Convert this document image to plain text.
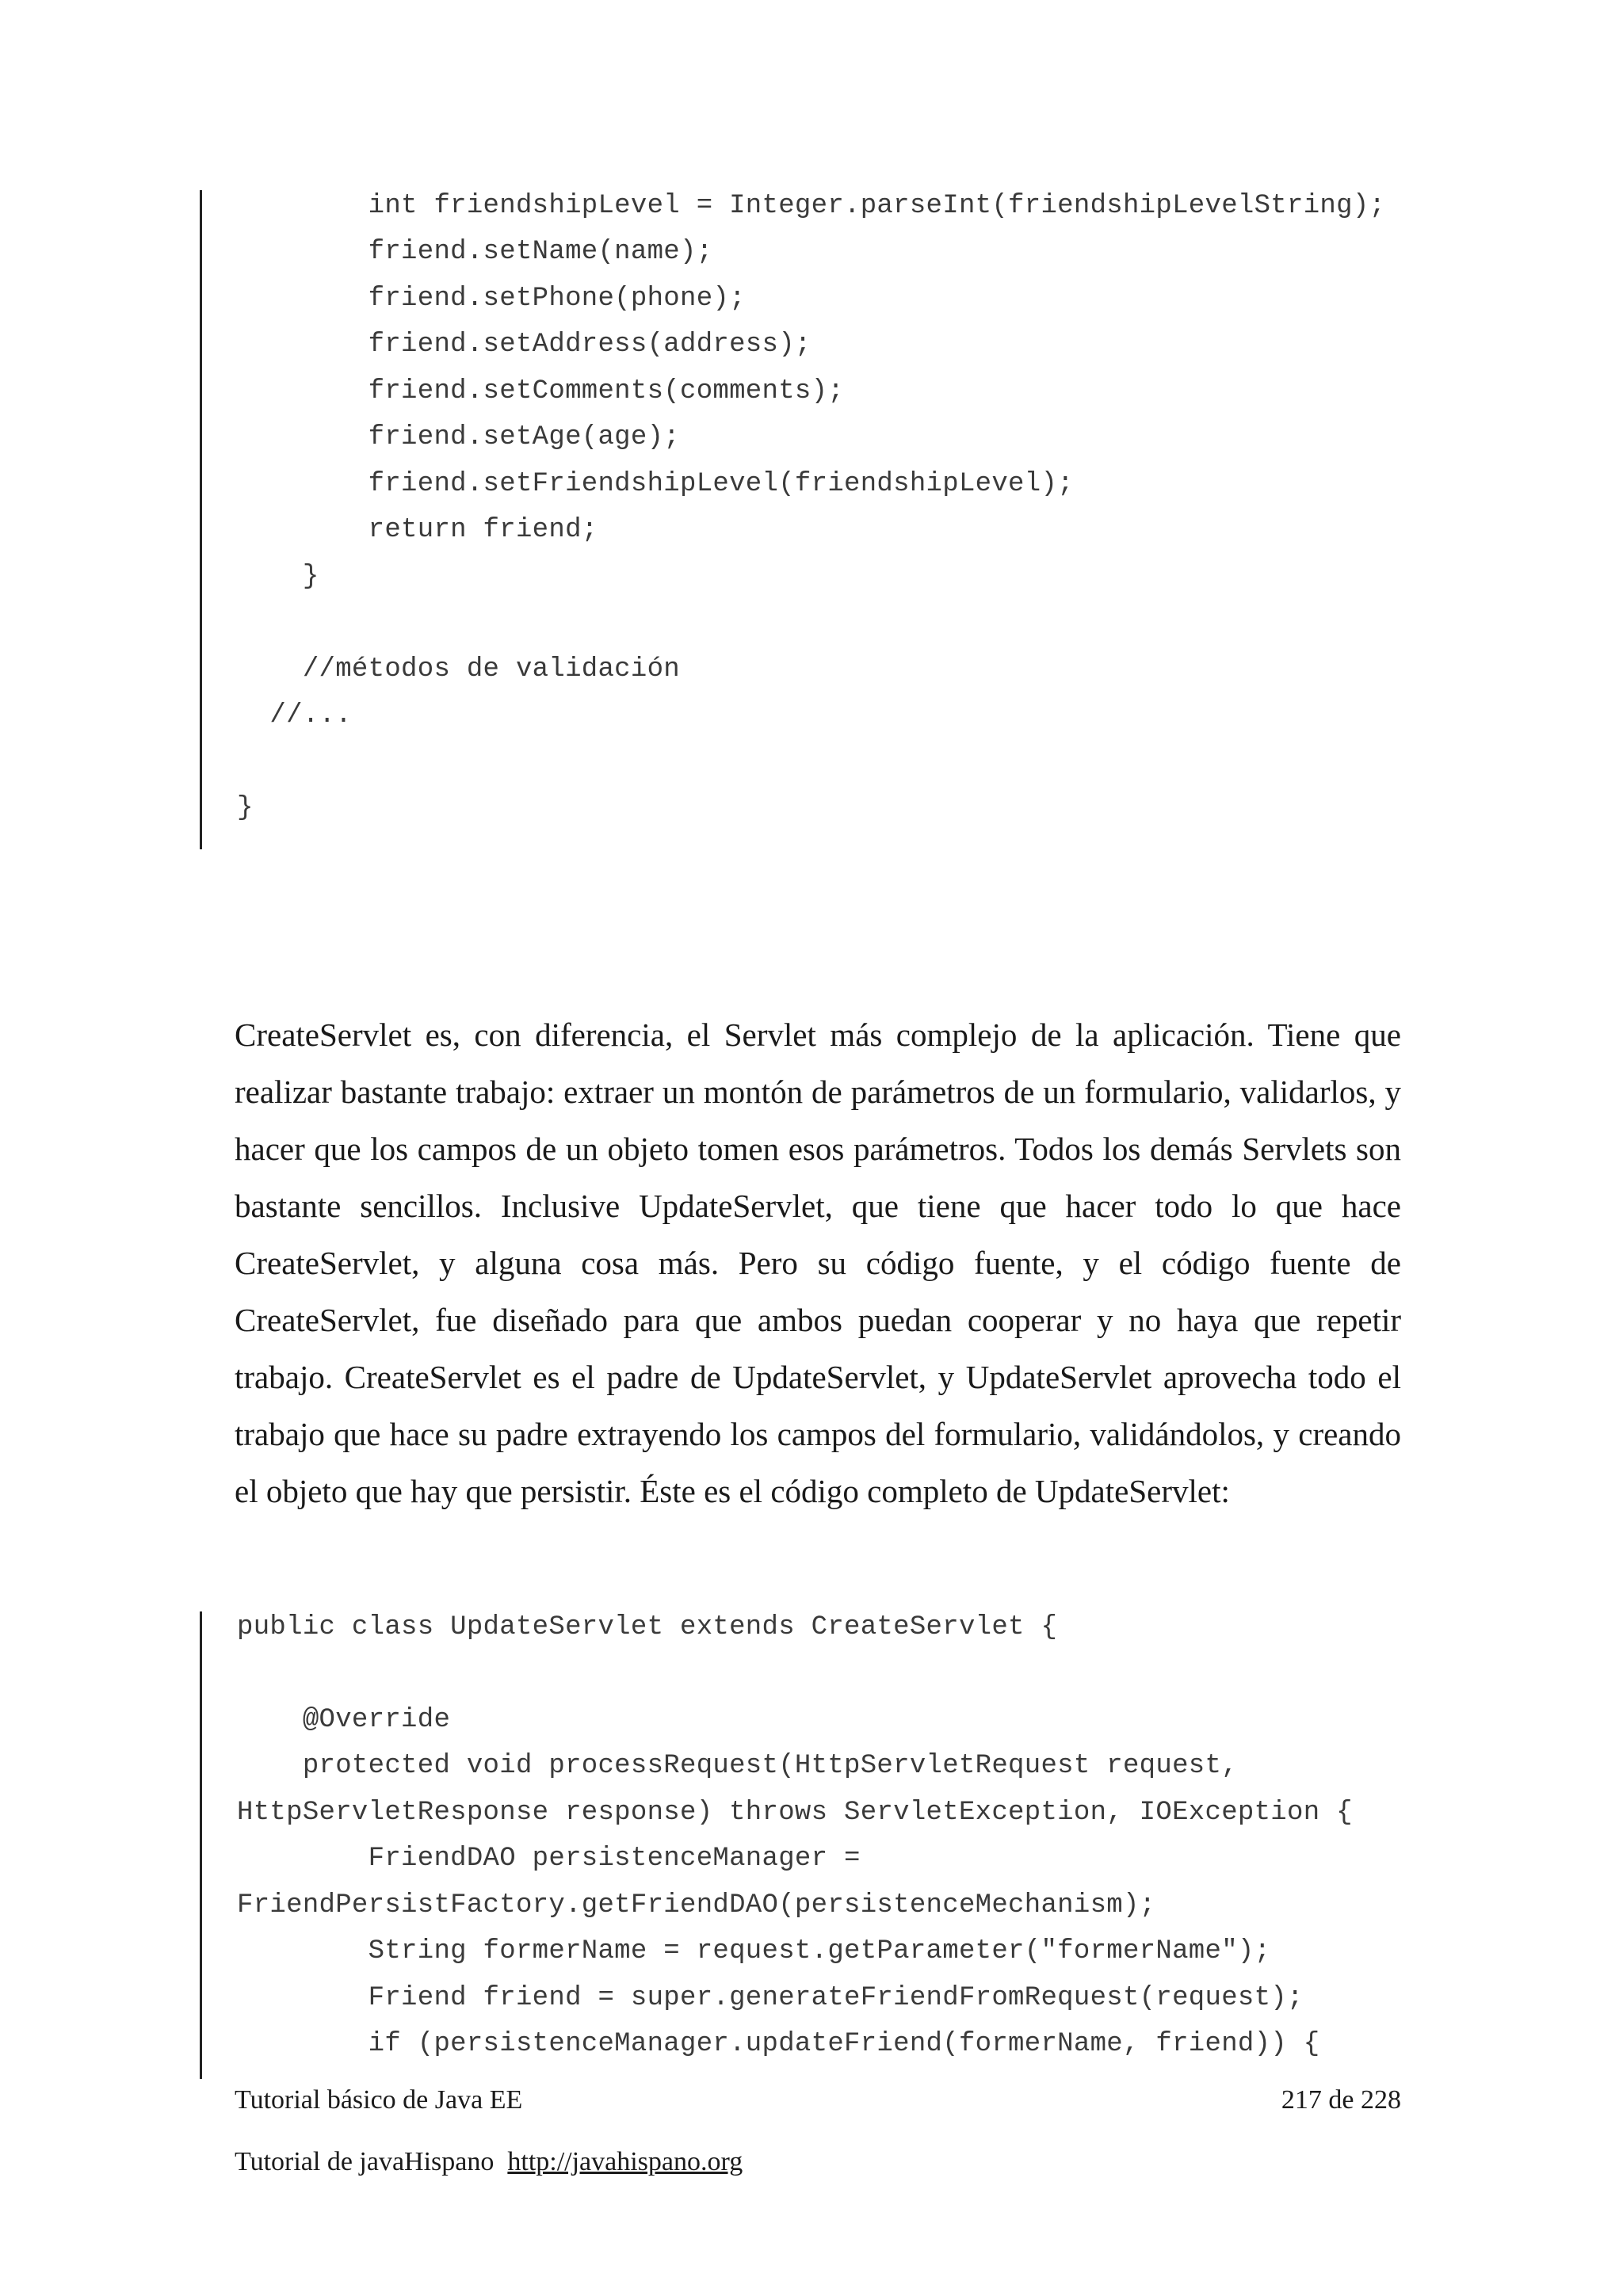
int friendshipLevel = Integer.parseInt(friendshipLevelString);
friend.setName(name);
friend.setPhone(phone);
friend.setAddress(address);
friend.setComments(comments);
friend.setAge(age);
friend.setFriendshipLevel(friendshipLevel);
return friend;
}
//métodos de validación
//...
}
CreateServlet es, con diferencia, el Servlet más complejo de la aplicación. Tiene que realizar bastante trabajo: extraer un montón de parámetros de un formulario, validarlos, y hacer que los campos de un objeto tomen esos parámetros. Todos los demás Servlets son bastante sencillos. Inclusive UpdateServlet, que tiene que hacer todo lo que hace CreateServlet, y alguna cosa más. Pero su código fuente, y el código fuente de CreateServlet, fue diseñado para que ambos puedan cooperar y no haya que repetir trabajo. CreateServlet es el padre de UpdateServlet, y UpdateServlet aprovecha todo el trabajo que hace su padre extrayendo los campos del formulario, validándolos, y creando el objeto que hay que persistir. Éste es el código completo de UpdateServlet:
public class UpdateServlet extends CreateServlet {
@Override
protected void processRequest(HttpServletRequest request,
HttpServletResponse response) throws ServletException, IOException {
FriendDAO persistenceManager =
FriendPersistFactory.getFriendDAO(persistenceMechanism);
String formerName = request.getParameter("formerName");
Friend friend = super.generateFriendFromRequest(request);
if (persistenceManager.updateFriend(formerName, friend)) {
Tutorial básico de Java EE	217 de 228
Tutorial de javaHispano http://javahispano.org
